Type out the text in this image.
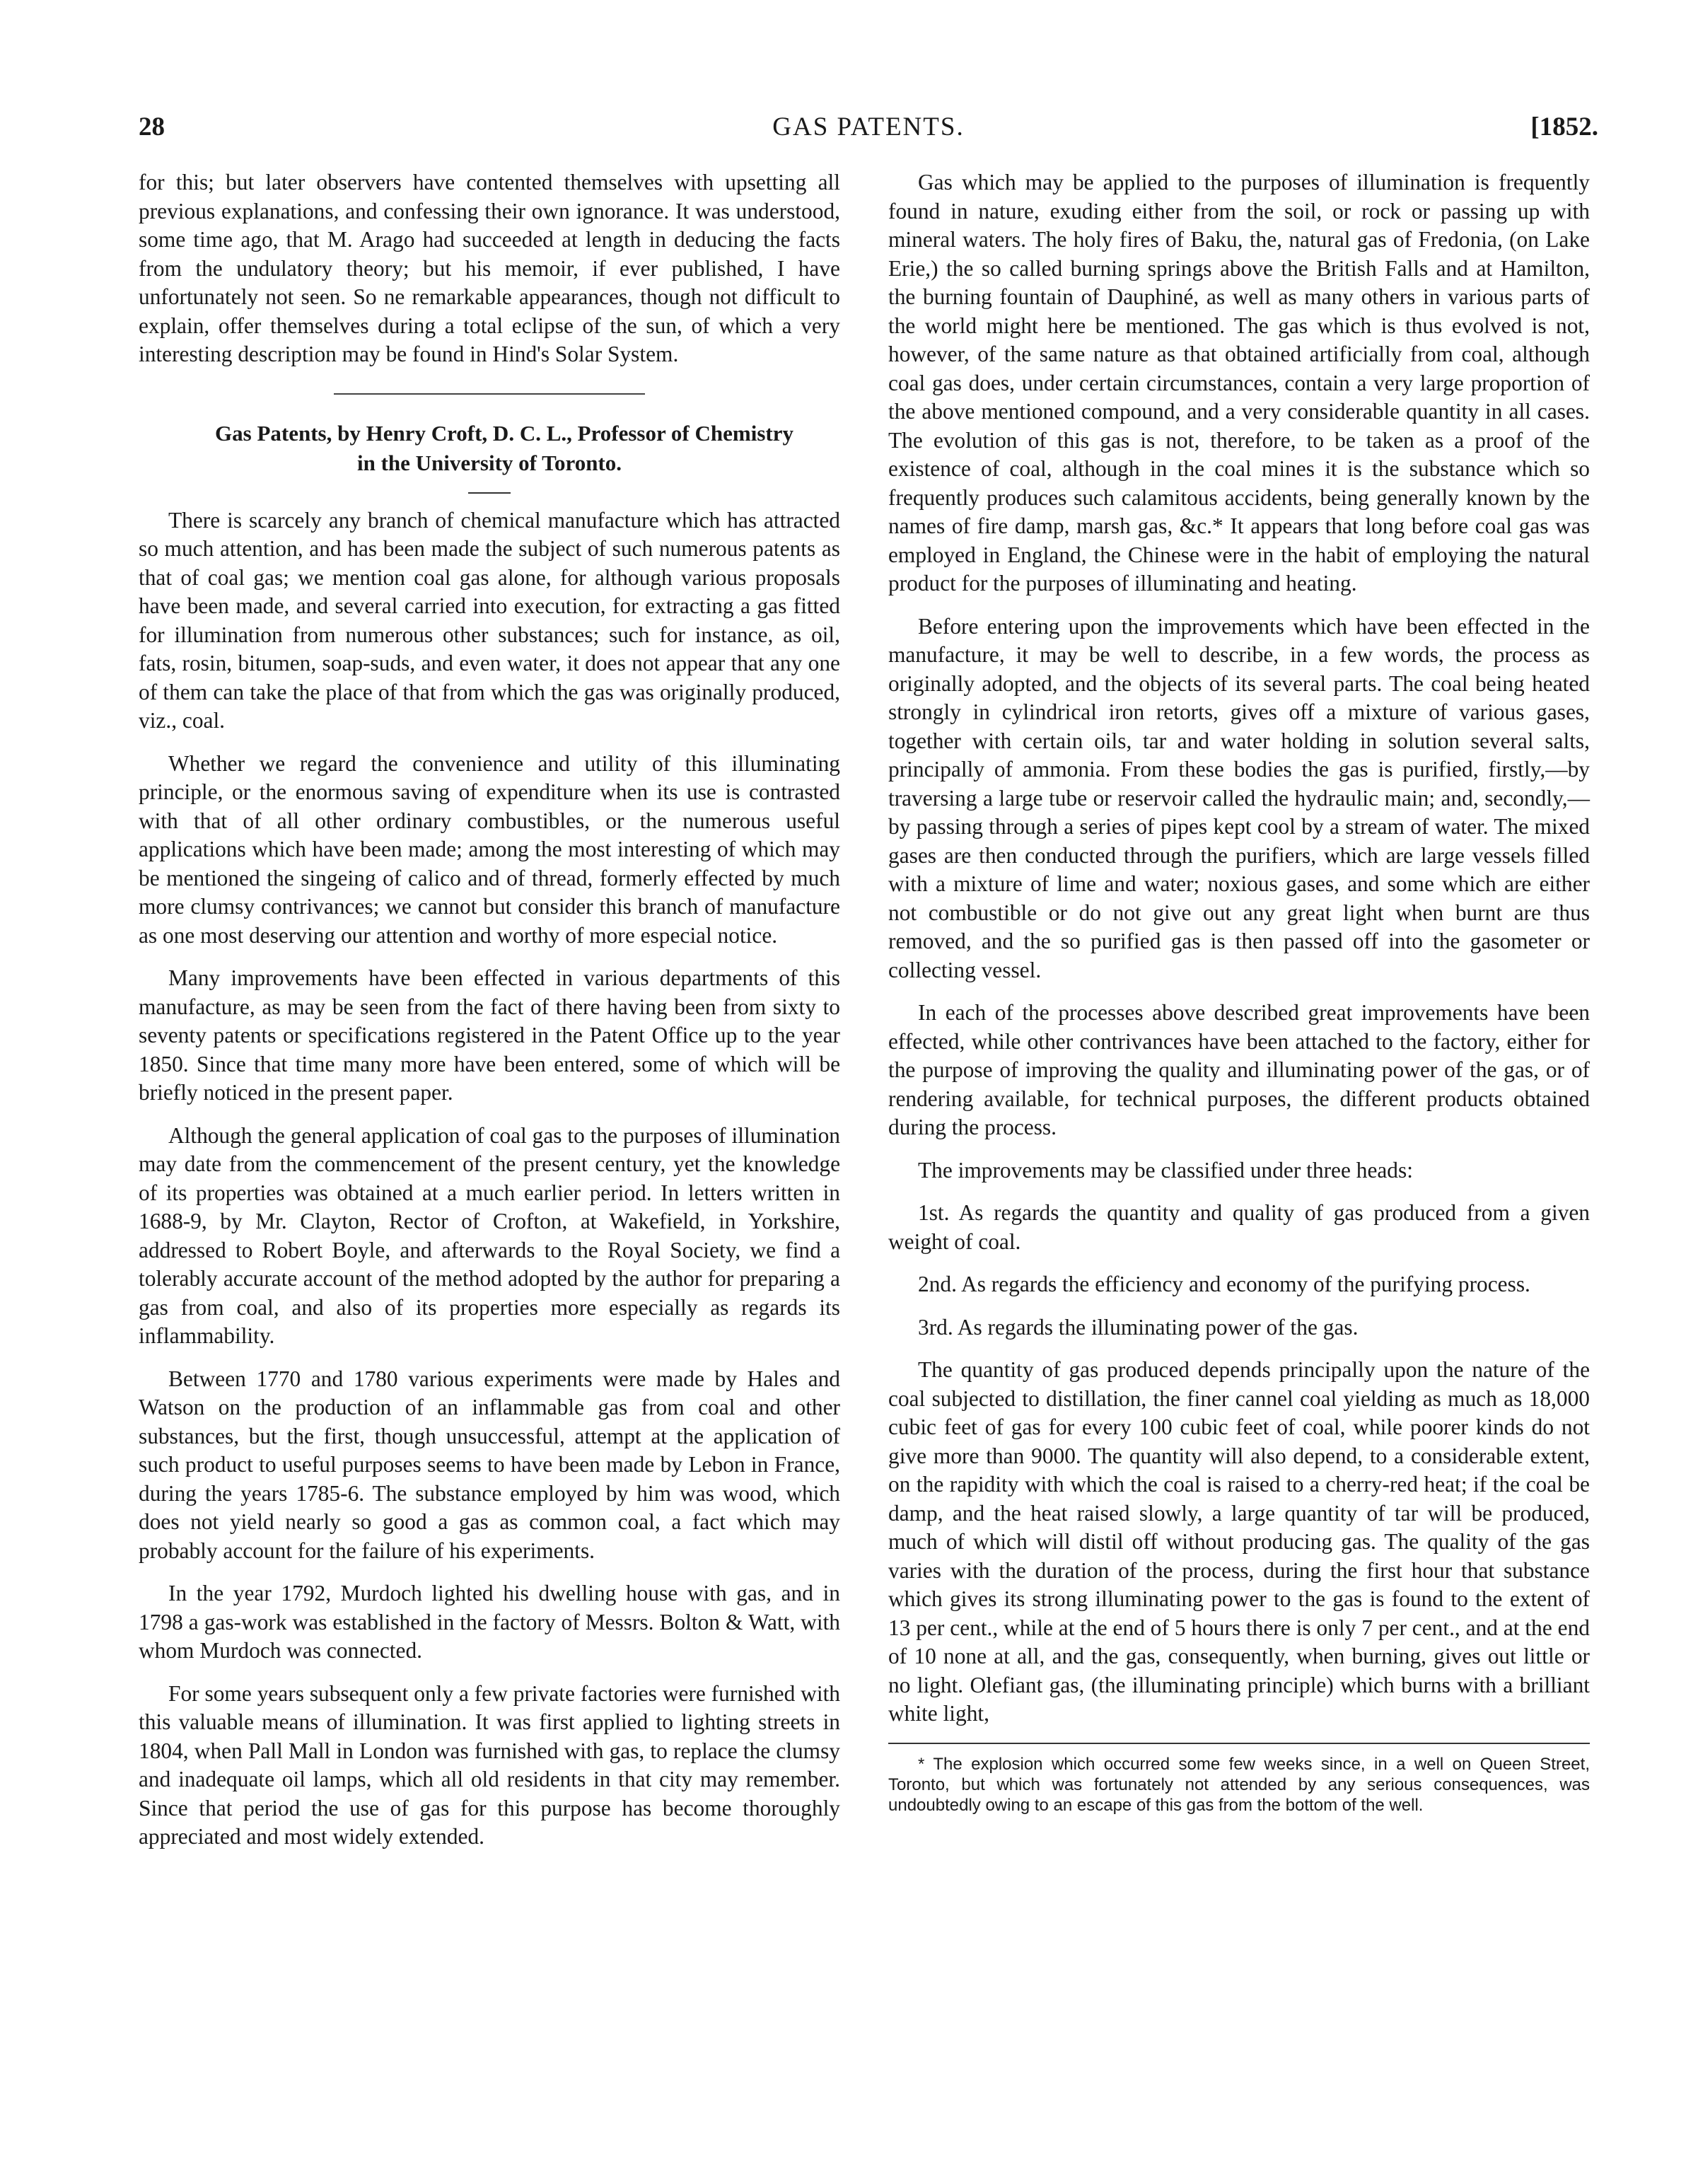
28	GAS PATENTS.	[1852.

for this; but later observers have contented themselves with upsetting all previous explanations, and confessing their own ignorance. It was understood, some time ago, that M. Arago had succeeded at length in deducing the facts from the undulatory theory; but his memoir, if ever published, I have unfortunately not seen. So ne remarkable appearances, though not difficult to explain, offer themselves during a total eclipse of the sun, of which a very interesting description may be found in Hind's Solar System.

Gas Patents, by Henry Croft, D. C. L., Professor of Chemistry
in the University of Toronto.

There is scarcely any branch of chemical manufacture which has attracted so much attention, and has been made the subject of such numerous patents as that of coal gas; we mention coal gas alone, for although various proposals have been made, and several carried into execution, for extracting a gas fitted for illumination from numerous other substances; such for instance, as oil, fats, rosin, bitumen, soap-suds, and even water, it does not appear that any one of them can take the place of that from which the gas was originally produced, viz., coal.

Whether we regard the convenience and utility of this illuminating principle, or the enormous saving of expenditure when its use is contrasted with that of all other ordinary combustibles, or the numerous useful applications which have been made; among the most interesting of which may be mentioned the singeing of calico and of thread, formerly effected by much more clumsy contrivances; we cannot but consider this branch of manufacture as one most deserving our attention and worthy of more especial notice.

Many improvements have been effected in various departments of this manufacture, as may be seen from the fact of there having been from sixty to seventy patents or specifications registered in the Patent Office up to the year 1850. Since that time many more have been entered, some of which will be briefly noticed in the present paper.

Although the general application of coal gas to the purposes of illumination may date from the commencement of the present century, yet the knowledge of its properties was obtained at a much earlier period. In letters written in 1688-9, by Mr. Clayton, Rector of Crofton, at Wakefield, in Yorkshire, addressed to Robert Boyle, and afterwards to the Royal Society, we find a tolerably accurate account of the method adopted by the author for preparing a gas from coal, and also of its properties more especially as regards its inflammability.

Between 1770 and 1780 various experiments were made by Hales and Watson on the production of an inflammable gas from coal and other substances, but the first, though unsuccessful, attempt at the application of such product to useful purposes seems to have been made by Lebon in France, during the years 1785-6. The substance employed by him was wood, which does not yield nearly so good a gas as common coal, a fact which may probably account for the failure of his experiments.

In the year 1792, Murdoch lighted his dwelling house with gas, and in 1798 a gas-work was established in the factory of Messrs. Bolton & Watt, with whom Murdoch was connected.

For some years subsequent only a few private factories were furnished with this valuable means of illumination. It was first applied to lighting streets in 1804, when Pall Mall in London was furnished with gas, to replace the clumsy and inadequate oil lamps, which all old residents in that city may remember. Since that period the use of gas for this purpose has become thoroughly appreciated and most widely extended.

Gas which may be applied to the purposes of illumination is frequently found in nature, exuding either from the soil, or rock or passing up with mineral waters. The holy fires of Baku, the, natural gas of Fredonia, (on Lake Erie,) the so called burning springs above the British Falls and at Hamilton, the burning fountain of Dauphiné, as well as many others in various parts of the world might here be mentioned. The gas which is thus evolved is not, however, of the same nature as that obtained artificially from coal, although coal gas does, under certain circumstances, contain a very large proportion of the above mentioned compound, and a very considerable quantity in all cases. The evolution of this gas is not, therefore, to be taken as a proof of the existence of coal, although in the coal mines it is the substance which so frequently produces such calamitous accidents, being generally known by the names of fire damp, marsh gas, &c.* It appears that long before coal gas was employed in England, the Chinese were in the habit of employing the natural product for the purposes of illuminating and heating.

Before entering upon the improvements which have been effected in the manufacture, it may be well to describe, in a few words, the process as originally adopted, and the objects of its several parts. The coal being heated strongly in cylindrical iron retorts, gives off a mixture of various gases, together with certain oils, tar and water holding in solution several salts, principally of ammonia. From these bodies the gas is purified, firstly,—by traversing a large tube or reservoir called the hydraulic main; and, secondly,—by passing through a series of pipes kept cool by a stream of water. The mixed gases are then conducted through the purifiers, which are large vessels filled with a mixture of lime and water; noxious gases, and some which are either not combustible or do not give out any great light when burnt are thus removed, and the so purified gas is then passed off into the gasometer or collecting vessel.

In each of the processes above described great improvements have been effected, while other contrivances have been attached to the factory, either for the purpose of improving the quality and illuminating power of the gas, or of rendering available, for technical purposes, the different products obtained during the process.

The improvements may be classified under three heads:

1st. As regards the quantity and quality of gas produced from a given weight of coal.

2nd. As regards the efficiency and economy of the purifying process.

3rd. As regards the illuminating power of the gas.

The quantity of gas produced depends principally upon the nature of the coal subjected to distillation, the finer cannel coal yielding as much as 18,000 cubic feet of gas for every 100 cubic feet of coal, while poorer kinds do not give more than 9000. The quantity will also depend, to a considerable extent, on the rapidity with which the coal is raised to a cherry-red heat; if the coal be damp, and the heat raised slowly, a large quantity of tar will be produced, much of which will distil off without producing gas. The quality of the gas varies with the duration of the process, during the first hour that substance which gives its strong illuminating power to the gas is found to the extent of 13 per cent., while at the end of 5 hours there is only 7 per cent., and at the end of 10 none at all, and the gas, consequently, when burning, gives out little or no light. Olefiant gas, (the illuminating principle) which burns with a brilliant white light,

* The explosion which occurred some few weeks since, in a well on Queen Street, Toronto, but which was fortunately not attended by any serious consequences, was undoubtedly owing to an escape of this gas from the bottom of the well.
